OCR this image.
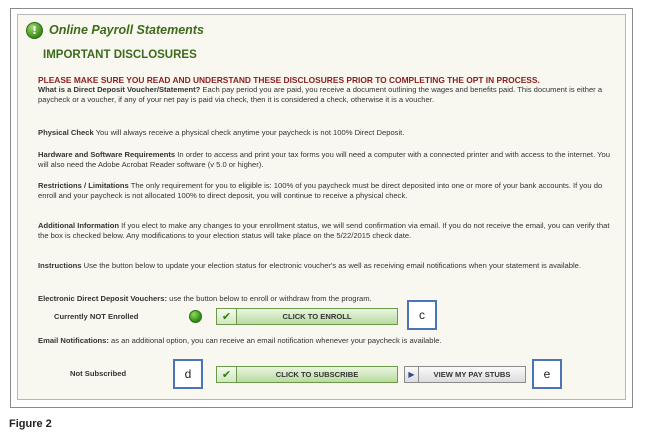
! Online Payroll Statements
IMPORTANT DISCLOSURES
PLEASE MAKE SURE YOU READ AND UNDERSTAND THESE DISCLOSURES PRIOR TO COMPLETING THE OPT IN PROCESS.

What is a Direct Deposit Voucher/Statement? Each pay period you are paid, you receive a document outlining the wages and benefits paid. This document is either a paycheck or a voucher, if any of your net pay is paid via check, then it is considered a check, otherwise it is a voucher.

Physical Check You will always receive a physical check anytime your paycheck is not 100% Direct Deposit.

Hardware and Software Requirements In order to access and print your tax forms you will need a computer with a connected printer and with access to the internet. You will also need the Adobe Acrobat Reader software (v 5.0 or higher).

Restrictions / Limitations The only requirement for you to eligible is: 100% of you paycheck must be direct deposited into one or more of your bank accounts. If you do enroll and your paycheck is not allocated 100% to direct deposit, you will continue to receive a physical check.

Additional Information If you elect to make any changes to your enrollment status, we will send confirmation via email. If you do not receive the email, you can verify that the box is checked below. Any modifications to your election status will take place on the 5/22/2015 check date.

Instructions Use the button below to update your election status for electronic voucher's as well as receiving email notifications when your statement is available.

Electronic Direct Deposit Vouchers: use the button below to enroll or withdraw from the program.

Currently NOT Enrolled	✔	CLICK TO ENROLL	c

Email Notifications: as an additional option, you can receive an email notification whenever your paycheck is available.

Not Subscribed	d	✔	CLICK TO SUBSCRIBE	▶	VIEW MY PAY STUBS	e
Figure 2
